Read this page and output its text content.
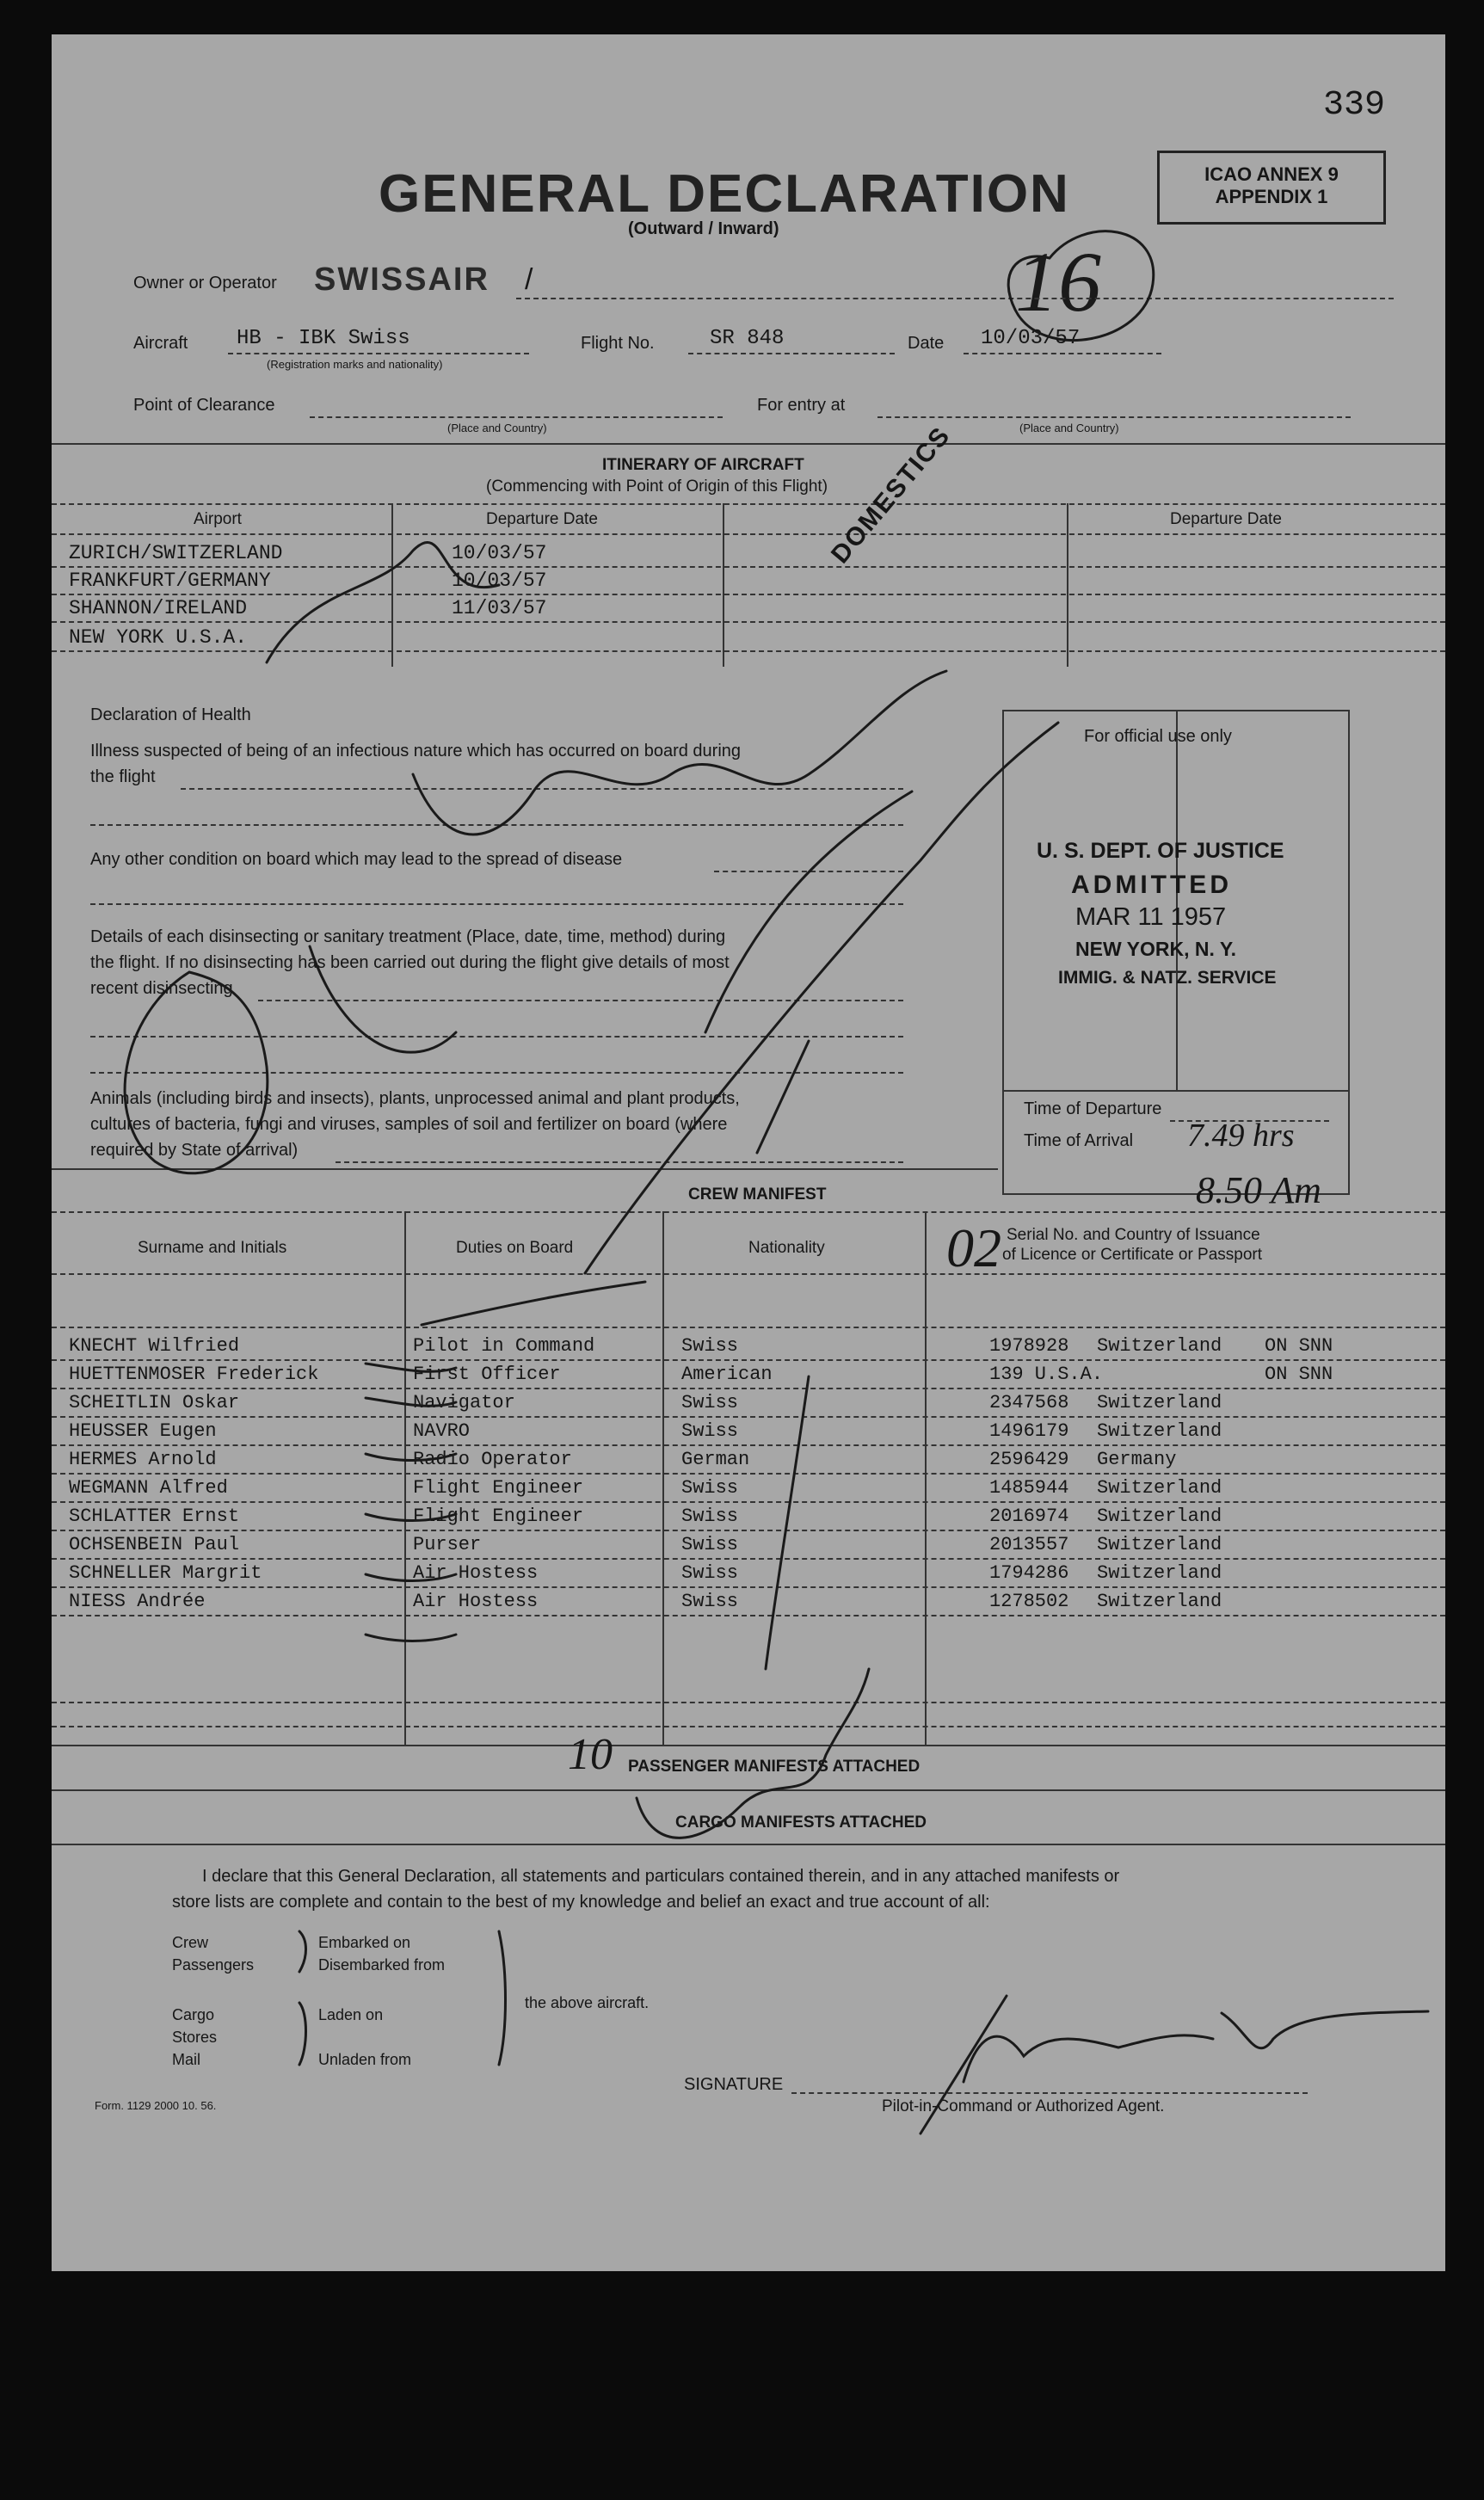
339
GENERAL DECLARATION
(Outward / Inward)
ICAO ANNEX 9
APPENDIX 1
16
Owner or Operator SWISSAIR /
Aircraft HB - IBK Swiss
(Registration marks and nationality)
Flight No.	SR 848	Date 10/03/57
Point of Clearance
(Place and Country)
For entry at
(Place and Country)
ITINERARY OF AIRCRAFT
(Commencing with Point of Origin of this Flight)
Airport	Departure Date	Departure Date
ZURICH/SWITZERLAND	10/03/57
FRANKFURT/GERMANY	10/03/57
SHANNON/IRELAND	11/03/57
NEW YORK U.S.A.
DOMESTICS
Declaration of Health
Illness suspected of being of an infectious nature which has occurred on board during
the flight
Any other condition on board which may lead to the spread of disease
Details of each disinsecting or sanitary treatment (Place, date, time, method) during
the flight. If no disinsecting has been carried out during the flight give details of most
recent disinsecting
Animals (including birds and insects), plants, unprocessed animal and plant products,
cultures of bacteria, fungi and viruses, samples of soil and fertilizer on board (where
required by State of arrival)
For official use only
U. S. DEPT. OF JUSTICE
ADMITTED
MAR 11 1957
NEW YORK, N. Y.
IMMIG. & NATZ. SERVICE
Time of Departure
Time of Arrival 7.49 hrs
8.50 Am
CREW MANIFEST
Surname and Initials	Duties on Board	Nationality
Serial No. and Country of Issuance
of Licence or Certificate or Passport
02
KNECHT Wilfried	Pilot in Command	Swiss	1978928 Switzerland ON SNN
HUETTENMOSER Frederick	First Officer	American	139 U.S.A.	ON SNN
SCHEITLIN Oskar	Navigator	Swiss	2347568 Switzerland
HEUSSER Eugen	NAVRO	Swiss	1496179 Switzerland
HERMES Arnold	Radio Operator	German	2596429 Germany
WEGMANN Alfred	Flight Engineer	Swiss	1485944 Switzerland
SCHLATTER Ernst	Flight Engineer	Swiss	2016974 Switzerland
OCHSENBEIN Paul	Purser	Swiss	2013557 Switzerland
SCHNELLER Margrit	Air Hostess	Swiss	1794286 Switzerland
NIESS Andrée	Air Hostess	Swiss	1278502 Switzerland
PASSENGER MANIFESTS ATTACHED
CARGO MANIFESTS ATTACHED
10
I declare that this General Declaration, all statements and particulars contained therein, and in any attached manifests or
store lists are complete and contain to the best of my knowledge and belief an exact and true account of all:
Crew
Passengers
Embarked on
Disembarked from
Cargo
Stores
Mail
Laden on
Unladen from
the above aircraft.
SIGNATURE
Pilot-in-Command or Authorized Agent.
Form. 1129 2000 10. 56.
